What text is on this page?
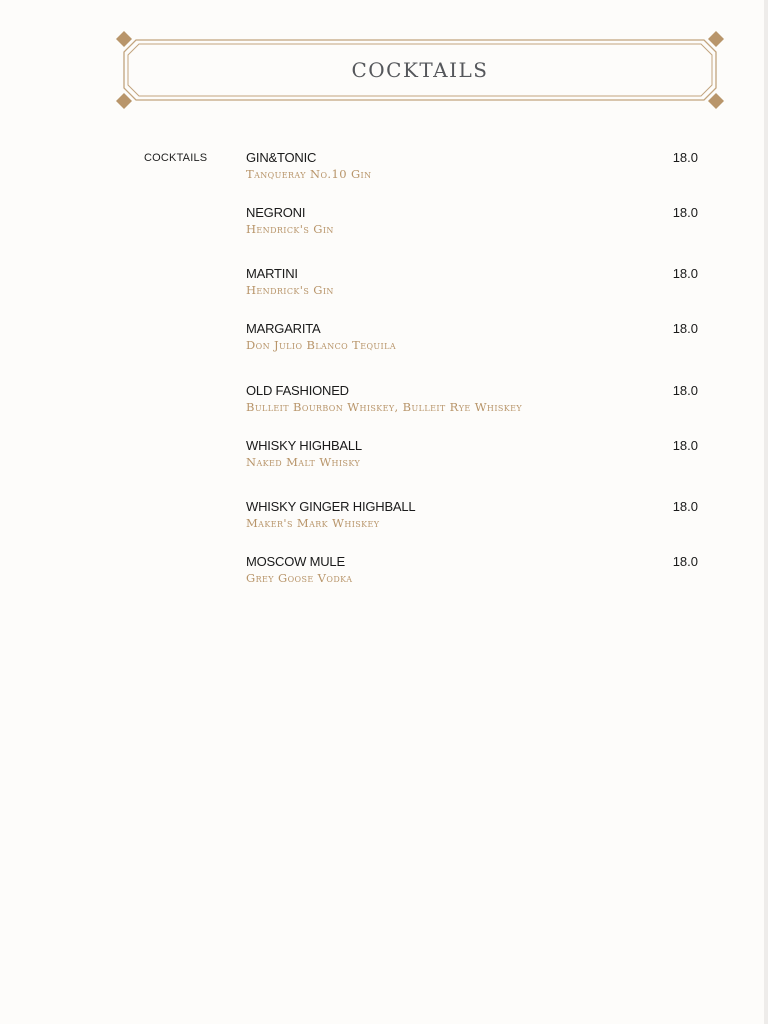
COCKTAILS
COCKTAILS	GIN&TONIC
Tanqueray No.10 Gin
18.0
NEGRONI
Hendrick's Gin
18.0
MARTINI
Hendrick's Gin
18.0
MARGARITA
Don Julio Blanco Tequila
18.0
OLD FASHIONED
Bulleit Bourbon Whiskey, Bulleit Rye Whiskey
18.0
WHISKY HIGHBALL
Naked Malt Whisky
18.0
WHISKY GINGER HIGHBALL
Maker's Mark Whiskey
18.0
MOSCOW MULE
Grey Goose Vodka
18.0
